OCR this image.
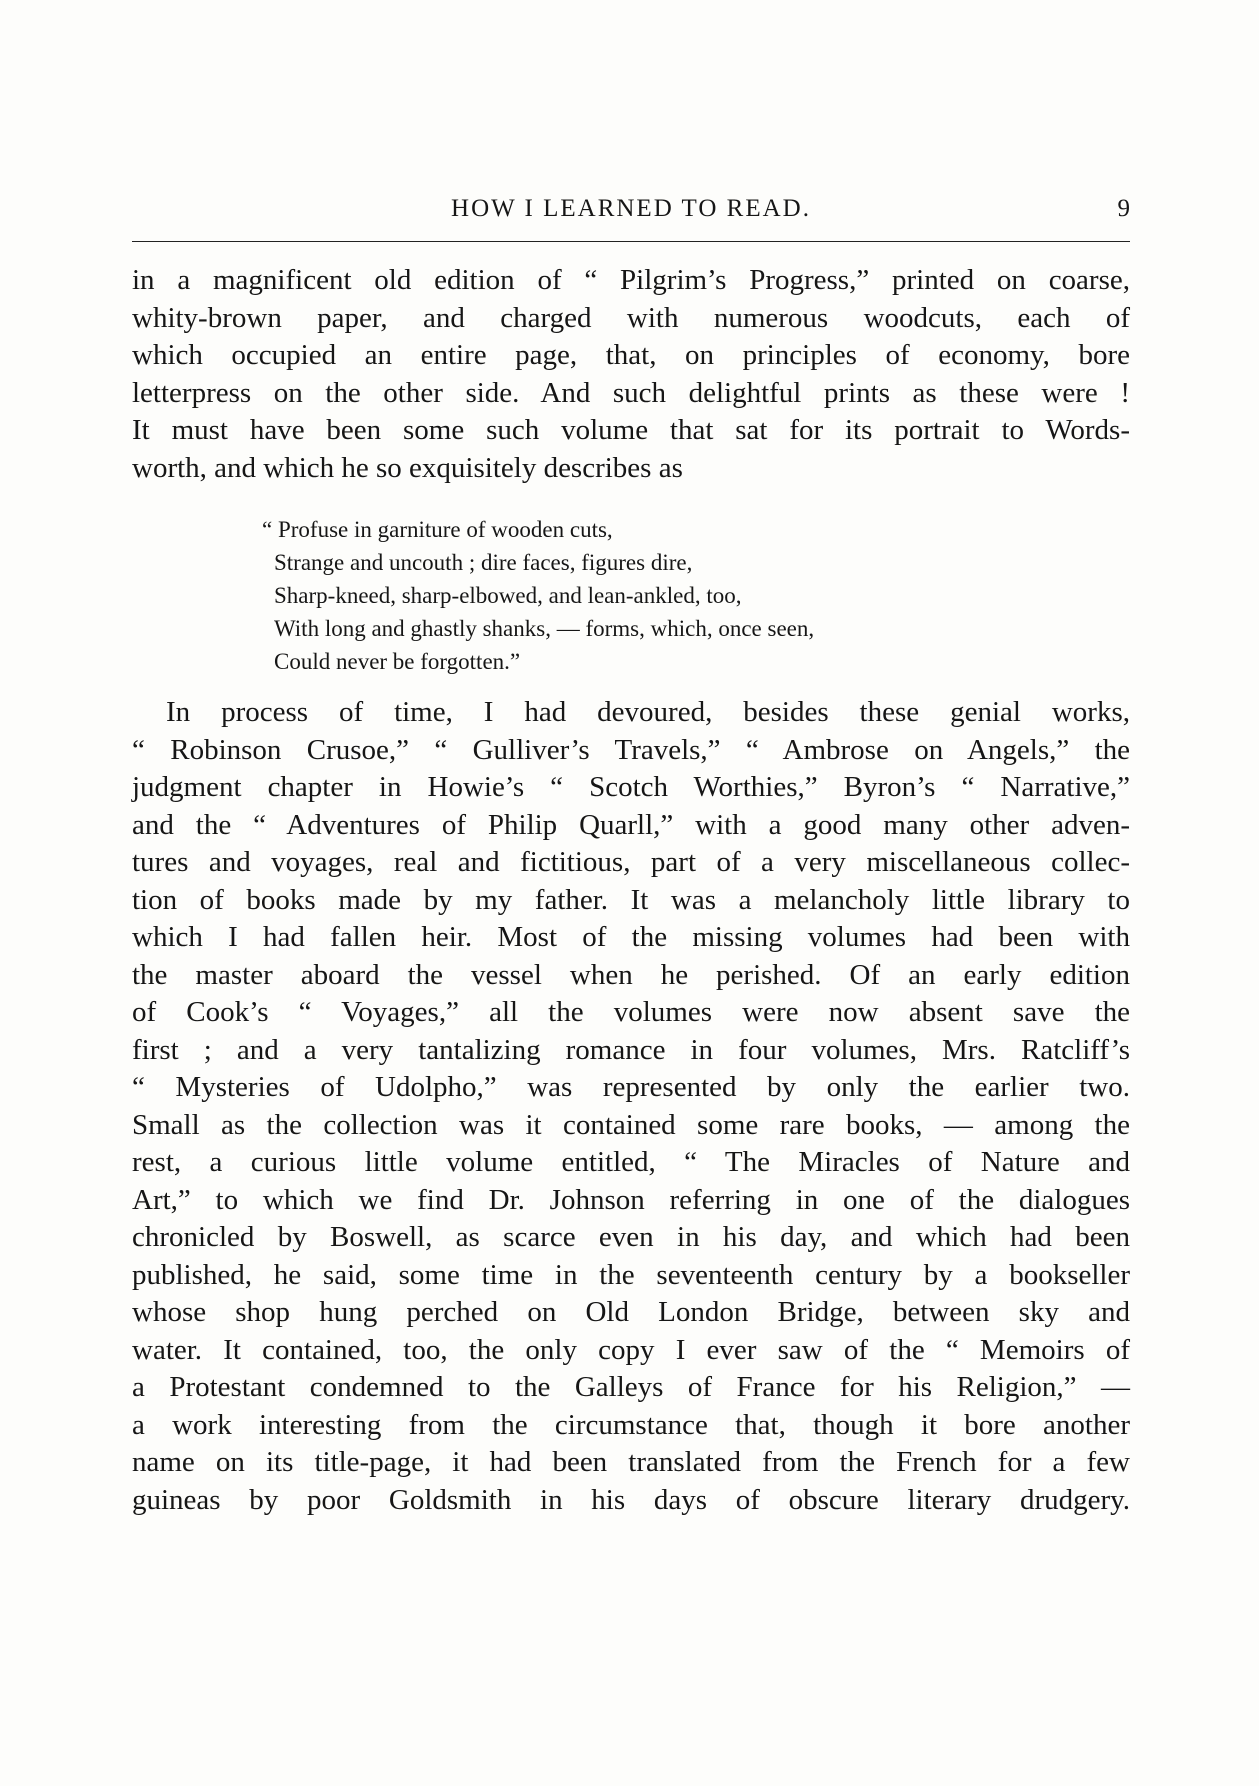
HOW I LEARNED TO READ.	9

in a magnificent old edition of “ Pilgrim’s Progress,” printed on coarse,
whity-brown paper, and charged with numerous woodcuts, each of
which occupied an entire page, that, on principles of economy, bore
letterpress on the other side. And such delightful prints as these were !
It must have been some such volume that sat for its portrait to Words-
worth, and which he so exquisitely describes as

“ Profuse in garniture of wooden cuts,
Strange and uncouth ; dire faces, figures dire,
Sharp-kneed, sharp-elbowed, and lean-ankled, too,
With long and ghastly shanks, — forms, which, once seen,
Could never be forgotten.”

In process of time, I had devoured, besides these genial works,
“ Robinson Crusoe,” “ Gulliver’s Travels,” “ Ambrose on Angels,” the
judgment chapter in Howie’s “ Scotch Worthies,” Byron’s “ Narrative,”
and the “ Adventures of Philip Quarll,” with a good many other adven-
tures and voyages, real and fictitious, part of a very miscellaneous collec-
tion of books made by my father. It was a melancholy little library to
which I had fallen heir. Most of the missing volumes had been with
the master aboard the vessel when he perished. Of an early edition
of Cook’s “ Voyages,” all the volumes were now absent save the
first ; and a very tantalizing romance in four volumes, Mrs. Ratcliff’s
“ Mysteries of Udolpho,” was represented by only the earlier two.
Small as the collection was it contained some rare books, — among the
rest, a curious little volume entitled, “ The Miracles of Nature and
Art,” to which we find Dr. Johnson referring in one of the dialogues
chronicled by Boswell, as scarce even in his day, and which had been
published, he said, some time in the seventeenth century by a bookseller
whose shop hung perched on Old London Bridge, between sky and
water. It contained, too, the only copy I ever saw of the “ Memoirs of
a Protestant condemned to the Galleys of France for his Religion,” —
a work interesting from the circumstance that, though it bore another
name on its title-page, it had been translated from the French for a few
guineas by poor Goldsmith in his days of obscure literary drudgery.
